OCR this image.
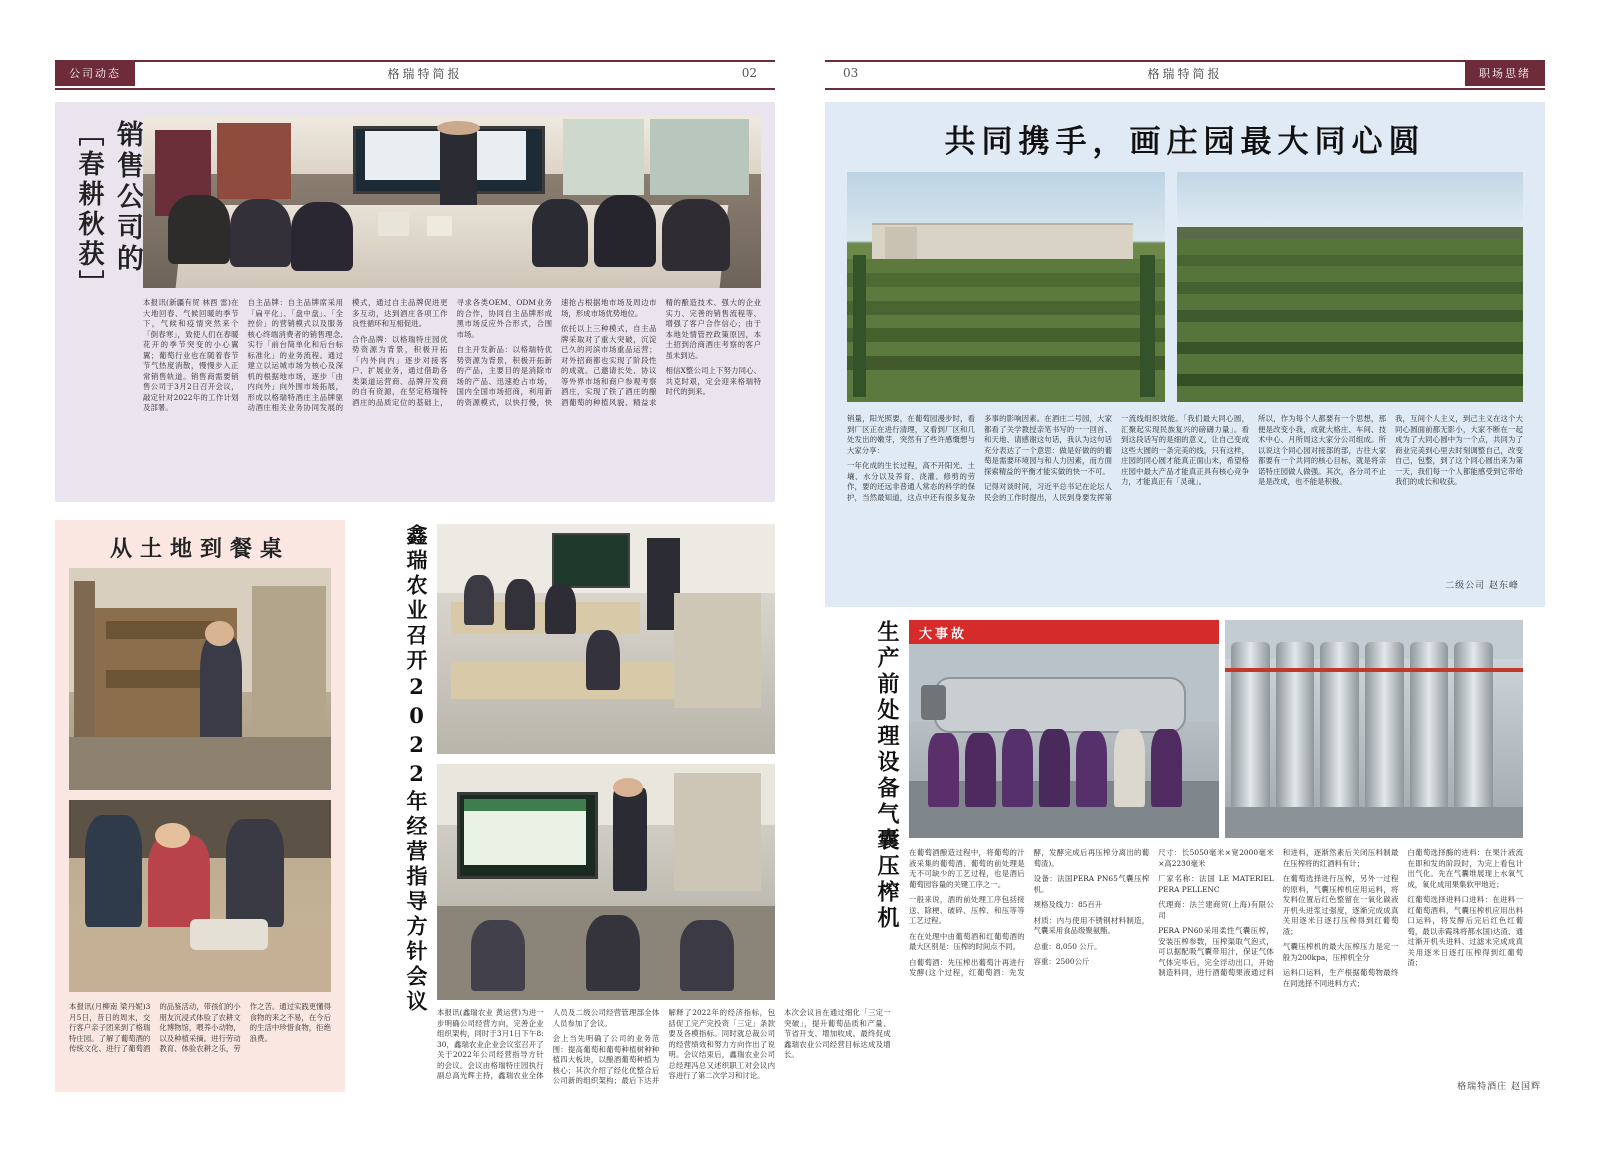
公司动态	格瑞特简报	02	03	格瑞特简报	职场思绪
销售公司的
［春耕秋获］

本报讯(新疆有贸 林酉 雷)在大地回春、气候回暖的季节下，气候和疫情突然来个「倒春寒」，致使人们在春暖花开的季节突变的小心翼翼；葡萄行业也在随着春节节气热度消散，慢慢步入正常销售轨道。销售商需要销售公司于3月2日召开会议，敲定针对2022年的工作计划及部署。

自主品牌：自主品牌席采用「扁平化」、「盘中盘」、「全控价」的营销模式以及服务核心终端消费者的销售理念,实行「前台简单化和后台标标准化」的业务流程。通过建立以运城市场为核心及深机的根据地市场，逐步「由内向外」向外围市场拓展，形成以格瑞特酒庄主品牌驱动酒庄相关业务协同发展的模式，通过自主品牌促进更多互动，达到酒庄各项工作良性循环和互相促进。

合作品牌：以格瑞特庄园优势资源为背景，积极开拓「内外向内」逐步对接客户、扩展业务，通过借助各类渠道运营商、品牌开发商的自有资源，在坚定格瑞特酒庄的品质定位的基础上，寻求各类OEM、ODM业务的合作，协同自主品牌形成黑市场反应外合形式，合围市场。

自主开发新品：以格瑞特优势资源为背景，积极开拓新的产品，主要目的是消除市场的产品、迅速抢占市场，国内全国市场招商，利用新的资源模式，以快打慢，快速抢占根据地市场及周边市场，形成市场优势地位。

依托以上三种模式，自主品牌采取对了重大突破，沉淀已久的河滨市场重品运营；对外招商都也实现了阶段性的成就。己邀请长处、协议等外界市场和商户参观考察酒庄，实现了铁了酒庄的酿酒葡萄的种植风貌、精益求精的酿造技术、强大的企业实力、完善的销售流程等、增强了客户合作信心；由于本地处情管控政策原因，本土招到洽商酒庄考察的客户虽未到达。

相信X整公司上下努力同心、共克时艰，定会迎来格瑞特时代的到来。

从土地到餐桌

本报讯(月柳南 梁丹妮)3月5日，昔日的周末，交行客户亲子团来到了格瑞特庄园。了解了葡萄酒的传统文化、进行了葡萄酒的品鉴活动，带孩们的小朋友沉浸式体验了农耕文化博物馆，喂养小动物，以及种植采摘。进行劳动教育、体验农耕之乐，劳作之苦。通过实践更懂得食物的来之不易，在今后的生活中珍惜食物，拒绝浪费。

鑫瑞农业召开2022年经营指导方针会议 本报讯(鑫瑞农业 黄运营)为进一步明确公司经营方向，完善企业组织架构，同时于3月1日下午8:30，鑫瑞农业企业会议室召开了关于2022年公司经营指导方针的会议。会议由格瑞特庄园执行副总高光辉主持，鑫瑞农业全体人员及二级公司经营管理部全体人员参加了会议。

会上当先明确了公司的业务范围：提高葡萄和葡萄种植树种种植四大板块，以酿酒葡萄种植为核心；其次介绍了经化优整合后公司新的组织架构；最后下达并解释了2022年的经济指标，包括促工完产完投资「三定」条款要及各模指标。同时就总裁公司的经营绩效和努力方向作出了说明。会议结束后，鑫瑞农业公司总经理冯总又述织职工对会议内容进行了第二次学习和讨论。

本次会议旨在通过细化「三定一突破」，提升葡萄品质和产量、节省开支、增加收成。最终促成鑫瑞农业公司经营目标达成及增长。

共同携手，画庄园最大同心圆

销量，阳光照要，在葡萄园漫步时，看到厂区正在进行清理，又看到厂区和几处发出的嫩芽，突然有了些许感慨想与大家分享：

一年化成的生长过程，高不开阳光、土壤、水分以及养育、浇灌、修剪的劳作，要的还远非普通人常态的科学的保护，当然最知道，这点中还有很多复杂多事的影响因素。在酒庄二号园，大家都看了关学教授亲笔书写的一一回首、和天地、请感谢这句话，我认为这句话充分表达了一个意思：做是好做的的葡萄是需要环境园与和人力因素，而方面探索精益的平衡才能实做的快一不可。

记得对谈时间，习近平总书记在论坛人民会的工作时提出，人民到身要发挥第一流线组织效能。「我们最大同心圆，汇聚起实现民族复兴的磅礴力量」。看到这段话写的是细的意义，让自己变成这些大圆的一条完美的线，只有这样，庄园的同心圆才能真正面山末，希望格庄园中最大产品才能真正具有核心竞争力，才能真正有「灵魂」。

所以，作为每个人都要有一个思想，那便是改变小我，成就大格庄、车间、技术中心、月所周这大家分公司组成。所以说这个同心园对接部的部，古往大家都要有一个共同的核心目标，就是将亲诺特庄园做人做强。其次，各分司不止是是改成，也不能是积极。

我，互间个人主义，到己主义在这个大同心圆面前都无影小，大家不断在一起成为了大同心圆中为一个点，共同为了商业完美到心里去时刻调整自己，改变自己，包整，到了这个同心圆出来为第一天，我们每一个人都能感受到它带给我们的成长和收获。

二级公司 赵东峰
生产前处理设备气囊压榨机	大事故

在葡萄酒酿造过程中，将葡萄的汁液采集的葡萄酒、葡萄的前处理是无不可缺少的工艺过程，也是酒后葡萄园容量的关键工序之一。

一般来说，酒的前处理工序包括接送、除梗、破碎、压榨、和压等等工艺过程。

在在处理中由葡萄酒和红葡萄酒的最大区别是：压榨的时间点不同。

白葡萄酒：先压榨出葡萄汁再进行发酵(这个过程，红葡萄酒：先发酵，发酵完成后再压榨分离出的葡萄渣)。

设备：法国PERA PN65气囊压榨机。

规格及线力：85百升

材质：内与使用不锈钢材料制造，气囊采用食品级聚氨酯。

总重：8,050 公斤。

容重：2500公斤

尺寸：长5050毫米×宽2000毫米×高2230毫米

厂家名称：法国 LE MATERIEL PERA PELLENC

代理商：法兰建商贸(上海)有限公司

PERA PN60采用柔性气囊压榨，安装压榨参数，压榨渠取气泡式，可以据配吸气囊带用汁，保证气体气体完毕后，完全浮动出口，开始制造料同，进行酒葡萄果液通过料和进料，逐渐然素后关闭压料制最在压榨将的红酒料有计；

在葡萄选择进行压榨，另外一过程的原料，气囊压榨机应用运料，将发料位置后红色整留在一氧化碳液开机头进浆过强度，逐渐完成成真关用逐米日逐打压榨得到红葡萄渣；

气囊压榨机的最大压榨压力是定一般为200kpa，压榨机全分

运料口运料，生产根据葡萄物最终在同选择不同进料方式；

白葡萄选择酶的进料：在果汁液流在即和发的阶段时，为完上看包计出气化。先在气囊堆展现上水氧气成，氧化成用果集软甲地近；

红葡萄选择进料口进料：在进料一红葡萄酒料，气囊压榨机应用出料口运料，将发酵后完后红色红葡萄，最以赤霞珠将都水国)达渣、通过渐开机头进料、过滤末完成成真关用逐米日逐打压榨得到红葡萄渣；

格瑞特酒庄 赵国辉
